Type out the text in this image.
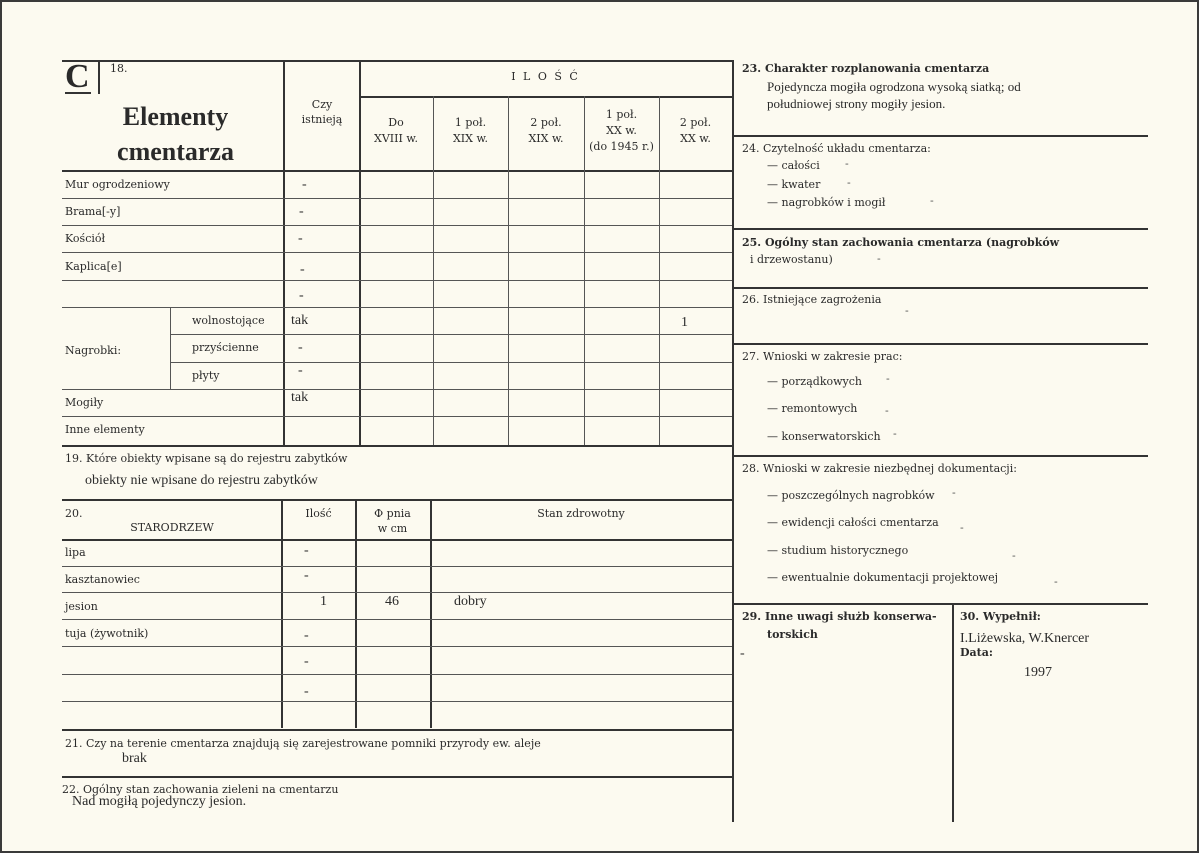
C 18.
Elementy
cmentarza
Czy
istnieją
I L O Ś Ć
Do
XVIII w.
1 poł.
XIX w.
2 poł.
XIX w.
1 poł.
XX w.
(do 1945 r.)
2 poł.
XX w.
Mur ogrodzeniowy
Brama[-y]
Kościół
Kaplica[e]
wolnostojące
przyścienne
płyty
Mogiły
Inne elementy
Nagrobki:
-
-
-
-
-
tak
-
-
tak
1
19. Które obiekty wpisane są do rejestru zabytków
obiekty nie wpisane do rejestru zabytków
20.
STARODRZEW
Ilość	Φ pnia
w cm
Stan zdrowotny
lipa
kasztanowiec
jesion
tuja (żywotnik)
-
-
1
-
-
-
46	dobry
21. Czy na terenie cmentarza znajdują się zarejestrowane pomniki przyrody ew. aleje
brak
22. Ogólny stan zachowania zieleni na cmentarzu
Nad mogiłą pojedynczy jesion.
23. Charakter rozplanowania cmentarza
Pojedyncza mogiła ogrodzona wysoką siatką; od
południowej strony mogiły jesion.
24. Czytelność układu cmentarza:
— całości
— kwater
— nagrobków i mogił
25. Ogólny stan zachowania cmentarza (nagrobków
i drzewostanu)
26. Istniejące zagrożenia
27. Wnioski w zakresie prac:
— porządkowych
— remontowych
— konserwatorskich
28. Wnioski w zakresie niezbędnej dokumentacji:
— poszczególnych nagrobków
— ewidencji całości cmentarza
— studium historycznego
— ewentualnie dokumentacji projektowej
29. Inne uwagi służb konserwa-
torskich
-
30. Wypełnił:
I.Liżewska, W.Knercer
Data:
1997
-
-
-
-
-
-
-
-
-
-
-
-
